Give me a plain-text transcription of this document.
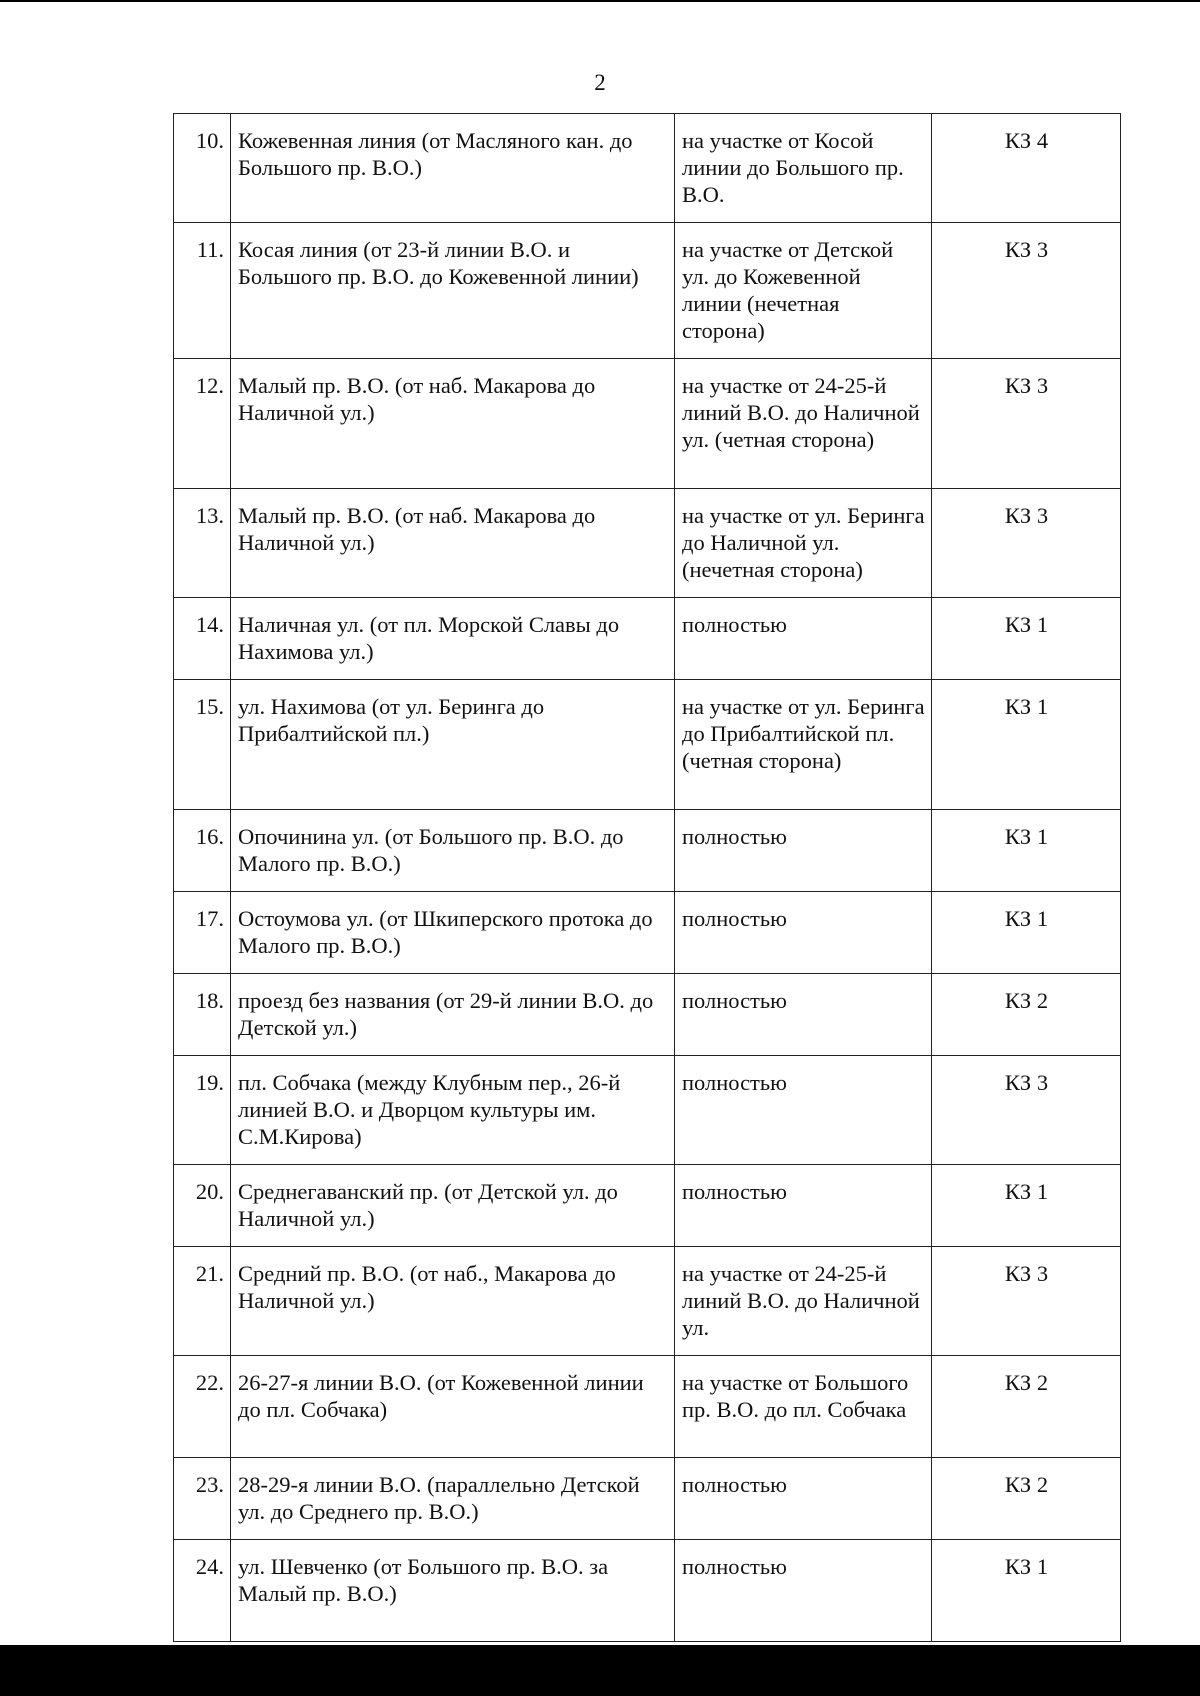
2
10.	Кожевенная линия (от Масляного кан. до Большого пр. В.О.)	на участке от Косой линии до Большого пр. В.О.	КЗ 4
11.	Косая линия (от 23-й линии В.О. и Большого пр. В.О. до Кожевенной линии)	на участке от Детской ул. до Кожевенной линии (нечетная сторона)	КЗ 3
12.	Малый пр. В.О. (от наб. Макарова до Наличной ул.)	на участке от 24-25-й линий В.О. до Наличной ул. (четная сторона)	КЗ 3
13.	Малый пр. В.О. (от наб. Макарова до Наличной ул.)	на участке от ул. Беринга до Наличной ул. (нечетная сторона)	КЗ 3
14.	Наличная ул. (от пл. Морской Славы до Нахимова ул.)	полностью	КЗ 1
15.	ул. Нахимова (от ул. Беринга до Прибалтийской пл.)	на участке от ул. Беринга до Прибалтийской пл. (четная сторона)	КЗ 1
16.	Опочинина ул. (от Большого пр. В.О. до Малого пр. В.О.)	полностью	КЗ 1
17.	Остоумова ул. (от Шкиперского протока до Малого пр. В.О.)	полностью	КЗ 1
18.	проезд без названия (от 29-й линии В.О. до Детской ул.)	полностью	КЗ 2
19.	пл. Собчака (между Клубным пер., 26-й линией В.О. и Дворцом культуры им. С.М.Кирова)	полностью	КЗ 3
20.	Среднегаванский пр. (от Детской ул. до Наличной ул.)	полностью	КЗ 1
21.	Средний пр. В.О. (от наб., Макарова до Наличной ул.)	на участке от 24-25-й линий В.О. до Наличной ул.	КЗ 3
22.	26-27-я линии В.О. (от Кожевенной линии до пл. Собчака)	на участке от Большого пр. В.О. до пл. Собчака	КЗ 2
23.	28-29-я линии В.О. (параллельно Детской ул. до Среднего пр. В.О.)	полностью	КЗ 2
24.	ул. Шевченко (от Большого пр. В.О. за Малый пр. В.О.)	полностью	КЗ 1
